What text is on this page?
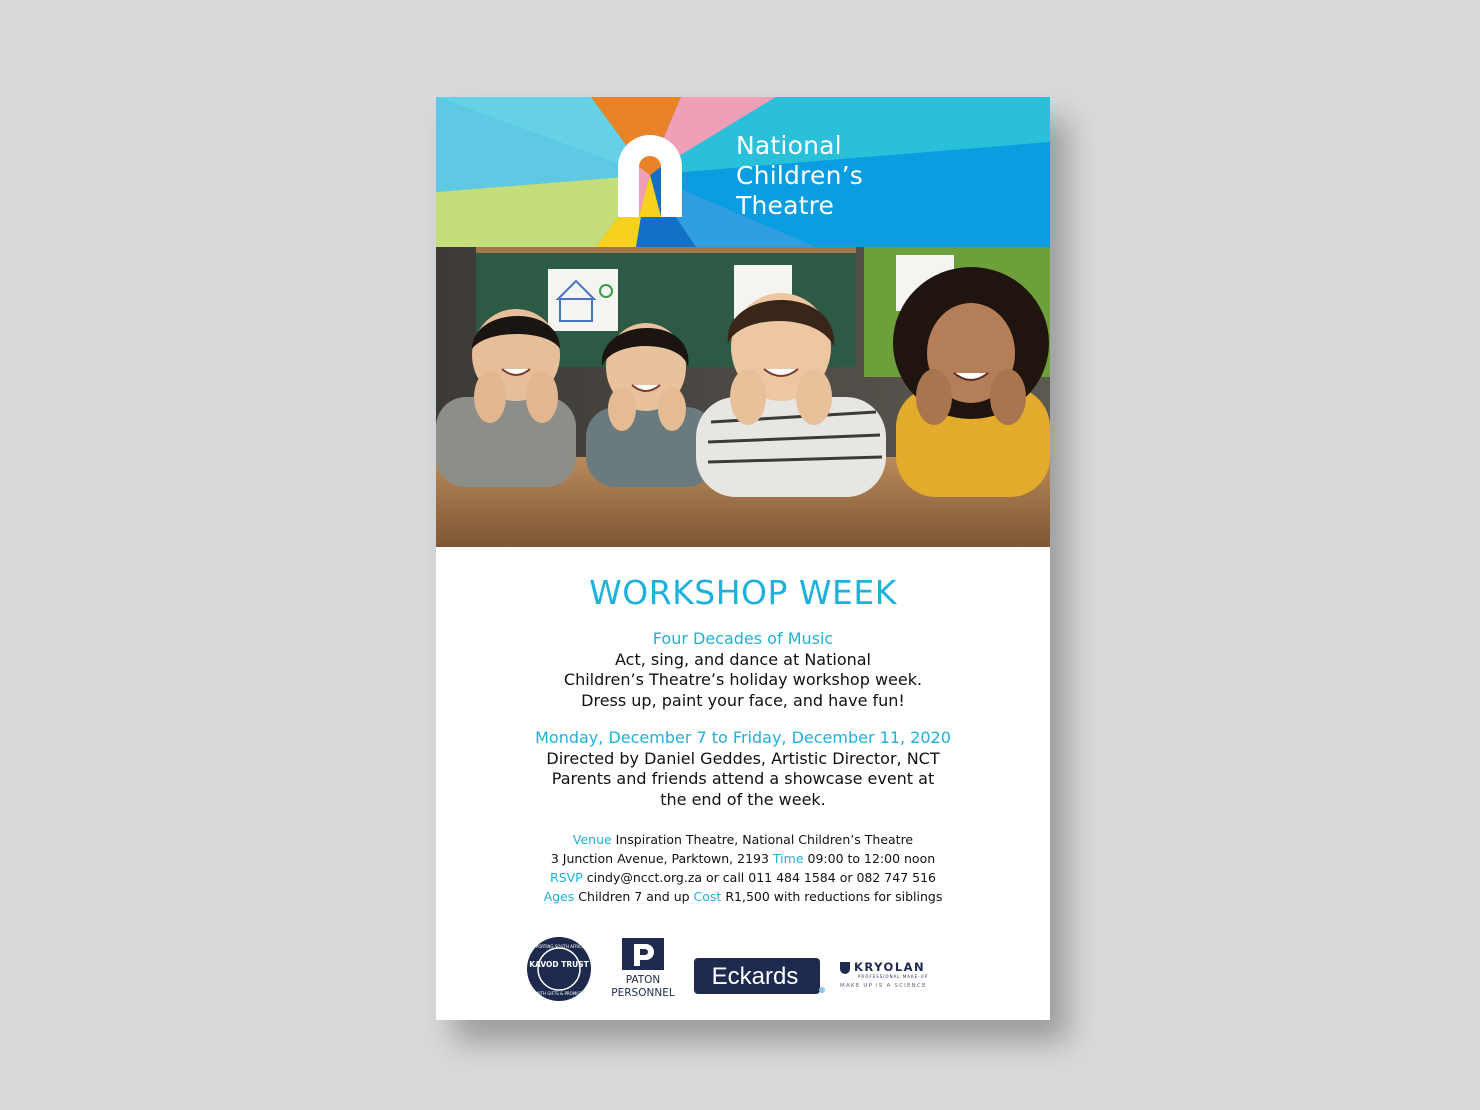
National
Children’s
Theatre
WORKSHOP WEEK
Four Decades of Music
Act, sing, and dance at National
Children’s Theatre’s holiday workshop week.
Dress up, paint your face, and have fun!
Monday, December 7 to Friday, December 11, 2020
Directed by Daniel Geddes, Artistic Director, NCT
Parents and friends attend a showcase event at
the end of the week.
Venue Inspiration Theatre, National Children’s Theatre
3 Junction Avenue, Parktown, 2193 Time 09:00 to 12:00 noon
RSVP cindy@ncct.org.za or call 011 484 1584 or 082 747 516
Ages Children 7 and up Cost R1,500 with reductions for siblings
KAVOD TRUST
SUPPORTING SOUTH AFRICANS
WITH GIFTS & PROMISE
PATON
PERSONNEL
Eckards	KRYOLAN
PROFESSIONAL MAKE-UP
MAKE UP IS A SCIENCE
